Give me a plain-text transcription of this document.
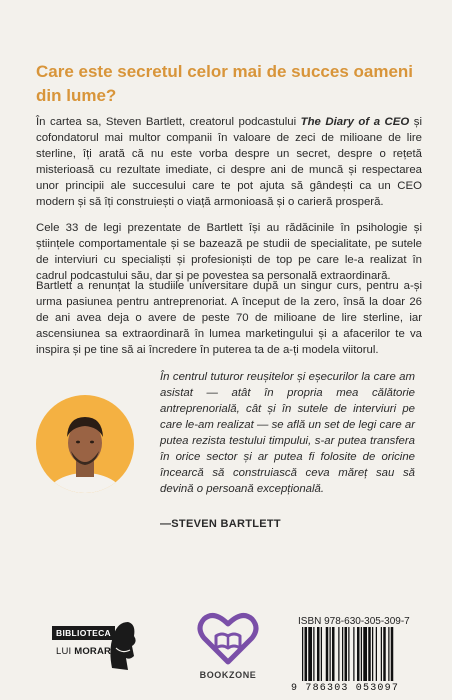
Care este secretul celor mai de succes oameni din lume?

În cartea sa, Steven Bartlett, creatorul podcastului The Diary of a CEO și cofondatorul mai multor companii în valoare de zeci de milioane de lire sterline, îți arată că nu este vorba despre un secret, despre o rețetă misterioasă cu rezultate imediate, ci despre ani de muncă și respectarea unor principii ale succesului care te pot ajuta să gândești ca un CEO modern și să îți construiești o viață armonioasă și o carieră prosperă.

Cele 33 de legi prezentate de Bartlett își au rădăcinile în psihologie și științele comportamentale și se bazează pe studii de specialitate, pe sutele de interviuri cu specialiști și profesioniști de top pe care le-a realizat în cadrul podcastului său, dar și pe povestea sa personală extraordinară.

Bartlett a renunțat la studiile universitare după un singur curs, pentru a-și urma pasiunea pentru antreprenoriat. A început de la zero, însă la doar 26 de ani avea deja o avere de peste 70 de milioane de lire sterline, iar ascensiunea sa extraordinară în lumea marketingului și a afacerilor te va inspira și pe tine să ai încredere în puterea ta de a-ți modela viitorul.

În centrul tuturor reușitelor și eșecurilor la care am asistat — atât în propria mea călătorie antreprenorială, cât și în sutele de interviuri pe care le-am realizat — se află un set de legi care ar putea rezista testului timpului, s-ar putea transfera în orice sector și ar putea fi folosite de oricine încearcă să construiască ceva măreț sau să devină o persoană excepțională.

—STEVEN BARTLETT
BIBLIOTECA
LUI MORAR
BOOKZONE
ISBN 978-630-305-309-7
9 786303 053097
